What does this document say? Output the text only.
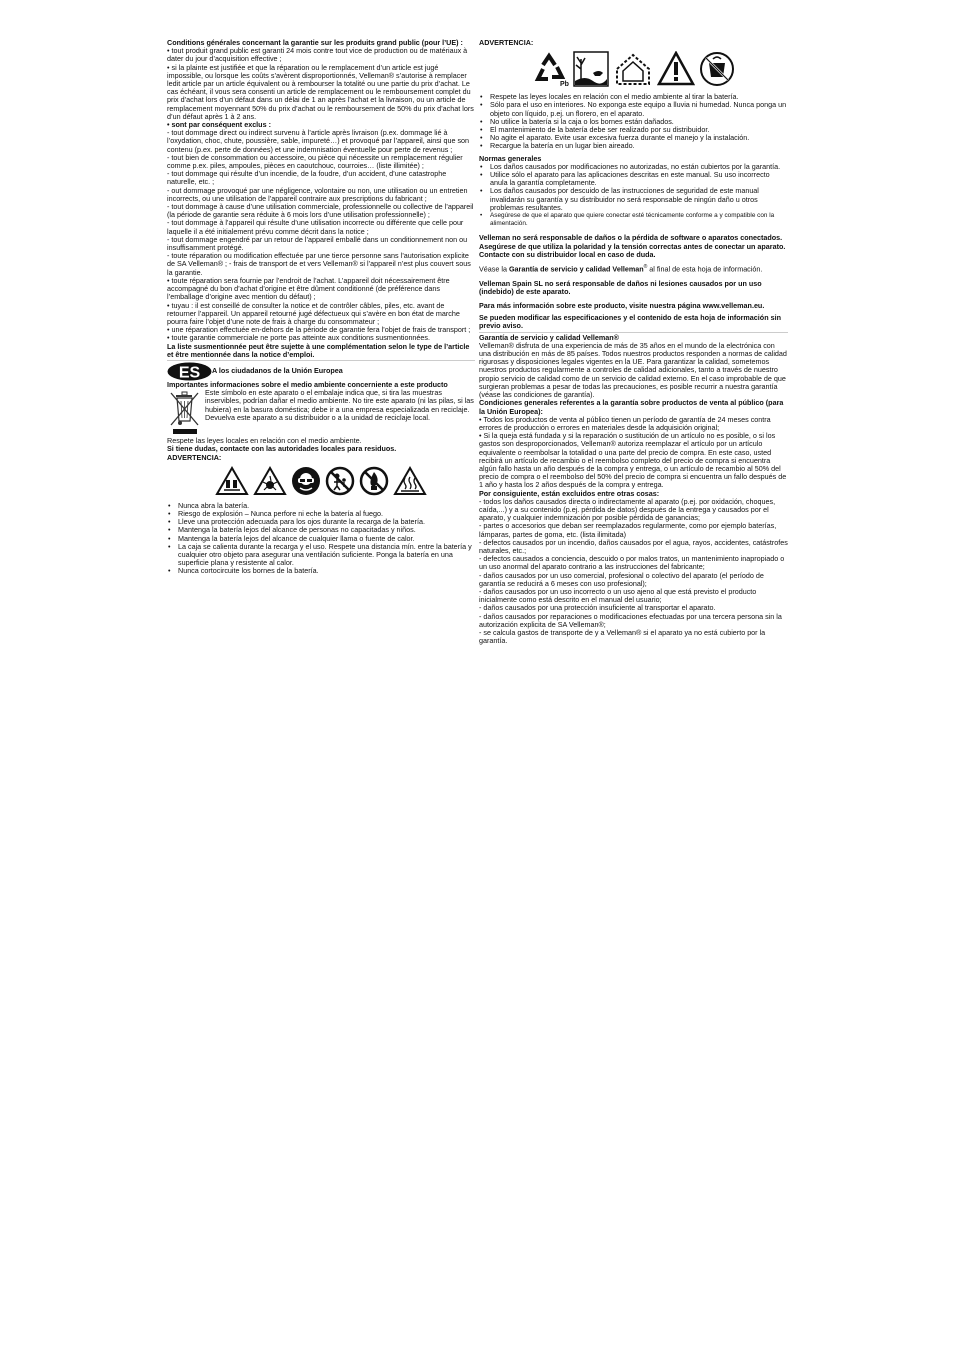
Conditions générales concernant la garantie sur les produits grand public (pour l’UE) :

• tout produit grand public est garanti 24 mois contre tout vice de production ou de matériaux à dater du jour d’acquisition effective ;

• si la plainte est justifiée et que la réparation ou le remplacement d’un article est jugé impossible, ou lorsque les coûts s’avèrent disproportionnés, Velleman® s’autorise à remplacer ledit article par un article équivalent ou à rembourser la totalité ou une partie du prix d’achat. Le cas échéant, il vous sera consenti un article de remplacement ou le remboursement complet du prix d’achat lors d’un défaut dans un délai de 1 an après l’achat et la livraison, ou un article de remplacement moyennant 50% du prix d’achat ou le remboursement de 50% du prix d’achat lors d’un défaut après 1 à 2 ans.

• sont par conséquent exclus :

- tout dommage direct ou indirect survenu à l’article après livraison (p.ex. dommage lié à l’oxydation, choc, chute, poussière, sable, impureté…) et provoqué par l’appareil, ainsi que son contenu (p.ex. perte de données) et une indemnisation éventuelle pour perte de revenus ;

- tout bien de consommation ou accessoire, ou pièce qui nécessite un remplacement régulier comme p.ex. piles, ampoules, pièces en caoutchouc, courroies… (liste illimitée) ;

- tout dommage qui résulte d’un incendie, de la foudre, d’un accident, d’une catastrophe naturelle, etc. ;

- out dommage provoqué par une négligence, volontaire ou non, une utilisation ou un entretien incorrects, ou une utilisation de l’appareil contraire aux prescriptions du fabricant ;

- tout dommage à cause d’une utilisation commerciale, professionnelle ou collective de l’appareil (la période de garantie sera réduite à 6 mois lors d’une utilisation professionnelle) ;

- tout dommage à l’appareil qui résulte d’une utilisation incorrecte ou différente que celle pour laquelle il a été initialement prévu comme décrit dans la notice ;

- tout dommage engendré par un retour de l’appareil emballé dans un conditionnement non ou insuffisamment protégé.

- toute réparation ou modification effectuée par une tierce personne sans l’autorisation explicite de SA Velleman® ; - frais de transport de et vers Velleman® si l’appareil n’est plus couvert sous la garantie.

• toute réparation sera fournie par l’endroit de l’achat. L’appareil doit nécessairement être accompagné du bon d’achat d’origine et être dûment conditionné (de préférence dans l’emballage d’origine avec mention du défaut) ;

• tuyau : il est conseillé de consulter la notice et de contrôler câbles, piles, etc. avant de retourner l’appareil. Un appareil retourné jugé défectueux qui s’avère en bon état de marche pourra faire l’objet d’une note de frais à charge du consommateur ;

• une réparation effectuée en-dehors de la période de garantie fera l’objet de frais de transport ;

• toute garantie commerciale ne porte pas atteinte aux conditions susmentionnées.

La liste susmentionnée peut être sujette à une complémentation selon le type de l’article et être mentionnée dans la notice d’emploi.

ES A los ciudadanos de la Unión Europea

Importantes informaciones sobre el medio ambiente concerniente a este producto

Este símbolo en este aparato o el embalaje indica que, si tira las muestras inservibles, podrían dañar el medio ambiente. No tire este aparato (ni las pilas, si las hubiera) en la basura doméstica; debe ir a una empresa especializada en reciclaje. Devuelva este aparato a su distribuidor o a la unidad de reciclaje local.

Respete las leyes locales en relación con el medio ambiente.

Si tiene dudas, contacte con las autoridades locales para residuos.

ADVERTENCIA:

• Nunca abra la batería.
• Riesgo de explosión – Nunca perfore ni eche la batería al fuego.
• Lleve una protección adecuada para los ojos durante la recarga de la batería.
• Mantenga la batería lejos del alcance de personas no capacitadas y niños.
• Mantenga la batería lejos del alcance de cualquier llama o fuente de calor.
• La caja se calienta durante la recarga y el uso. Respete una distancia mín. entre la batería y cualquier otro objeto para asegurar una ventilación suficiente. Ponga la batería en una superficie plana y resistente al calor.
• Nunca cortocircuite los bornes de la batería.

ADVERTENCIA:

Pb
• Respete las leyes locales en relación con el medio ambiente al tirar la batería.
• Sólo para el uso en interiores. No exponga este equipo a lluvia ni humedad. Nunca ponga un objeto con líquido, p.ej. un florero, en el aparato.
• No utilice la batería si la caja o los bornes están dañados.
• El mantenimiento de la batería debe ser realizado por su distribuidor.
• No agite el aparato. Evite usar excesiva fuerza durante el manejo y la instalación.
• Recargue la batería en un lugar bien aireado.

Normas generales

• Los daños causados por modificaciones no autorizadas, no están cubiertos por la garantía.
• Utilice sólo el aparato para las aplicaciones descritas en este manual. Su uso incorrecto anula la garantía completamente.
• Los daños causados por descuido de las instrucciones de seguridad de este manual invalidarán su garantía y su distribuidor no será responsable de ningún daño u otros problemas resultantes.
• Asegúrese de que el aparato que quiere conectar esté técnicamente conforme a y compatible con la alimentación.

Velleman no será responsable de daños o la pérdida de software o aparatos conectados. Asegúrese de que utiliza la polaridad y la tensión correctas antes de conectar un aparato. Contacte con su distribuidor local en caso de duda.

Véase la Garantía de servicio y calidad Velleman® al final de esta hoja de información.

Velleman Spain SL no será responsable de daños ni lesiones causados por un uso (indebido) de este aparato.

Para más información sobre este producto, visite nuestra página www.velleman.eu.

Se pueden modificar las especificaciones y el contenido de esta hoja de información sin previo aviso.

Garantía de servicio y calidad Velleman®

Velleman® disfruta de una experiencia de más de 35 años en el mundo de la electrónica con una distribución en más de 85 países. Todos nuestros productos responden a normas de calidad rigurosas y disposiciones legales vigentes en la UE. Para garantizar la calidad, sometemos nuestros productos regularmente a controles de calidad adicionales, tanto a través de nuestro propio servicio de calidad como de un servicio de calidad externo. En el caso improbable de que surgieran problemas a pesar de todas las precauciones, es posible recurrir a nuestra garantía (véase las condiciones de garantía).

Condiciones generales referentes a la garantía sobre productos de venta al público (para la Unión Europea):

• Todos los productos de venta al público tienen un período de garantía de 24 meses contra errores de producción o errores en materiales desde la adquisición original;

• Si la queja está fundada y si la reparación o sustitución de un artículo no es posible, o si los gastos son desproporcionados, Velleman® autoriza reemplazar el artículo por un artículo equivalente o reembolsar la totalidad o una parte del precio de compra. En este caso, usted recibirá un artículo de recambio o el reembolso completo del precio de compra si encuentra algún fallo hasta un año después de la compra y entrega, o un artículo de recambio al 50% del precio de compra o el reembolso del 50% del precio de compra si encuentra un fallo después de 1 año y hasta los 2 años después de la compra y entrega.

Por consiguiente, están excluidos entre otras cosas:

- todos los daños causados directa o indirectamente al aparato (p.ej. por oxidación, choques, caída,...) y a su contenido (p.ej. pérdida de datos) después de la entrega y causados por el aparato, y cualquier indemnización por posible pérdida de ganancias;

- partes o accesorios que deban ser reemplazados regularmente, como por ejemplo baterías, lámparas, partes de goma, etc. (lista ilimitada)

- defectos causados por un incendio, daños causados por el agua, rayos, accidentes, catástrofes naturales, etc.;

- defectos causados a conciencia, descuido o por malos tratos, un mantenimiento inapropiado o un uso anormal del aparato contrario a las instrucciones del fabricante;

- daños causados por un uso comercial, profesional o colectivo del aparato (el período de garantía se reducirá a 6 meses con uso profesional);

- daños causados por un uso incorrecto o un uso ajeno al que está previsto el producto inicialmente como está descrito en el manual del usuario;

- daños causados por una protección insuficiente al transportar el aparato.

- daños causados por reparaciones o modificaciones efectuadas por una tercera persona sin la autorización explicita de SA Velleman®;

- se calcula gastos de transporte de y a Velleman® si el aparato ya no está cubierto por la garantía.
